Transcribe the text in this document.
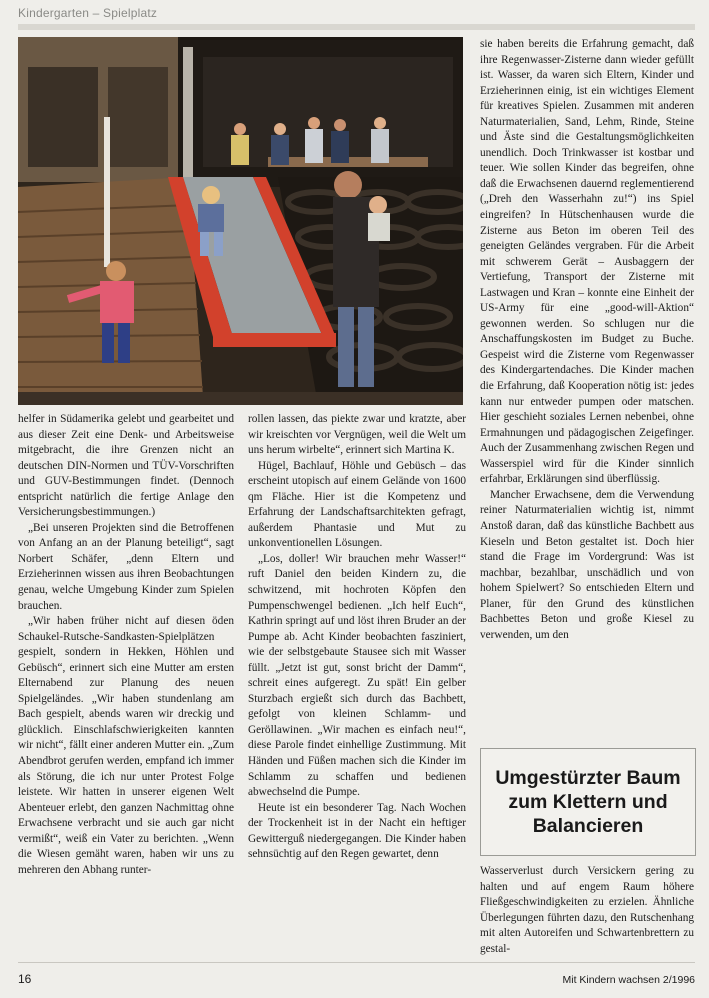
Kindergarten – Spielplatz

helfer in Südamerika gelebt und gearbeitet und aus dieser Zeit eine Denk- und Arbeitsweise mitgebracht, die ihre Grenzen nicht an deutschen DIN-Normen und TÜV-Vorschriften und GUV-Bestimmungen findet. (Dennoch entspricht natürlich die fertige Anlage den Versicherungsbestimmungen.)

„Bei unseren Projekten sind die Betroffenen von Anfang an an der Planung beteiligt“, sagt Norbert Schäfer, „denn Eltern und Erzieherinnen wissen aus ihren Beobachtungen genau, welche Umgebung Kinder zum Spielen brauchen.

„Wir haben früher nicht auf diesen öden Schaukel-Rutsche-Sandkasten-Spielplätzen gespielt, sondern in Hekken, Höhlen und Gebüsch“, erinnert sich eine Mutter am ersten Elternabend zur Planung des neuen Spielgeländes. „Wir haben stundenlang am Bach gespielt, abends waren wir dreckig und glücklich. Einschlafschwierigkeiten kannten wir nicht“, fällt einer anderen Mutter ein. „Zum Abendbrot gerufen werden, empfand ich immer als Störung, die ich nur unter Protest Folge leistete. Wir hatten in unserer eigenen Welt Abenteuer erlebt, den ganzen Nachmittag ohne Erwachsene verbracht und sie auch gar nicht vermißt“, weiß ein Vater zu berichten. „Wenn die Wiesen gemäht waren, haben wir uns zu mehreren den Abhang runter-

rollen lassen, das piekte zwar und kratzte, aber wir kreischten vor Vergnügen, weil die Welt um uns herum wirbelte“, erinnert sich Martina K.

Hügel, Bachlauf, Höhle und Gebüsch – das erscheint utopisch auf einem Gelände von 1600 qm Fläche. Hier ist die Kompetenz und Erfahrung der Landschaftsarchitekten gefragt, außerdem Phantasie und Mut zu unkonventionellen Lösungen.

„Los, doller! Wir brauchen mehr Wasser!“ ruft Daniel den beiden Kindern zu, die schwitzend, mit hochroten Köpfen den Pumpenschwengel bedienen. „Ich helf Euch“, Kathrin springt auf und löst ihren Bruder an der Pumpe ab. Acht Kinder beobachten fasziniert, wie der selbstgebaute Stausee sich mit Wasser füllt. „Jetzt ist gut, sonst bricht der Damm“, schreit eines aufgeregt. Zu spät! Ein gelber Sturzbach ergießt sich durch das Bachbett, gefolgt von kleinen Schlamm- und Geröllawinen. „Wir machen es einfach neu!“, diese Parole findet einhellige Zustimmung. Mit Händen und Füßen machen sich die Kinder im Schlamm zu schaffen und bedienen abwechselnd die Pumpe.

Heute ist ein besonderer Tag. Nach Wochen der Trockenheit ist in der Nacht ein heftiger Gewitterguß niedergegangen. Die Kinder haben sehnsüchtig auf den Regen gewartet, denn

sie haben bereits die Erfahrung gemacht, daß ihre Regenwasser-Zisterne dann wieder gefüllt ist. Wasser, da waren sich Eltern, Kinder und Erzieherinnen einig, ist ein wichtiges Element für kreatives Spielen. Zusammen mit anderen Naturmaterialien, Sand, Lehm, Rinde, Steine und Äste sind die Gestaltungsmöglichkeiten unendlich. Doch Trinkwasser ist kostbar und teuer. Wie sollen Kinder das begreifen, ohne daß die Erwachsenen dauernd reglementierend („Dreh den Wasserhahn zu!“) ins Spiel eingreifen? In Hütschenhausen wurde die Zisterne aus Beton im oberen Teil des geneigten Geländes vergraben. Für die Arbeit mit schwerem Gerät – Ausbaggern der Vertiefung, Transport der Zisterne mit Lastwagen und Kran – konnte eine Einheit der US-Army für eine „good-will-Aktion“ gewonnen werden. So schlugen nur die Anschaffungskosten im Budget zu Buche. Gespeist wird die Zisterne vom Regenwasser des Kindergartendaches. Die Kinder machen die Erfahrung, daß Kooperation nötig ist: jedes kann nur entweder pumpen oder matschen. Hier geschieht soziales Lernen nebenbei, ohne Ermahnungen und pädagogischen Zeigefinger. Auch der Zusammenhang zwischen Regen und Wasserspiel wird für die Kinder sinnlich erfahrbar, Erklärungen sind überflüssig.

Mancher Erwachsene, dem die Verwendung reiner Naturmaterialien wichtig ist, nimmt Anstoß daran, daß das künstliche Bachbett aus Kieseln und Beton gestaltet ist. Doch hier stand die Frage im Vordergrund: Was ist machbar, bezahlbar, unschädlich und von hohem Spielwert? So entschieden Eltern und Planer, für den Grund des künstlichen Bachbettes Beton und große Kiesel zu verwenden, um den

Umgestürzter Baum zum Klettern und Balancieren

Wasserverlust durch Versickern gering zu halten und auf engem Raum höhere Fließgeschwindigkeiten zu erzielen. Ähnliche Überlegungen führten dazu, den Rutschenhang mit alten Autoreifen und Schwartenbrettern zu gestal-

16	Mit Kindern wachsen 2/1996
